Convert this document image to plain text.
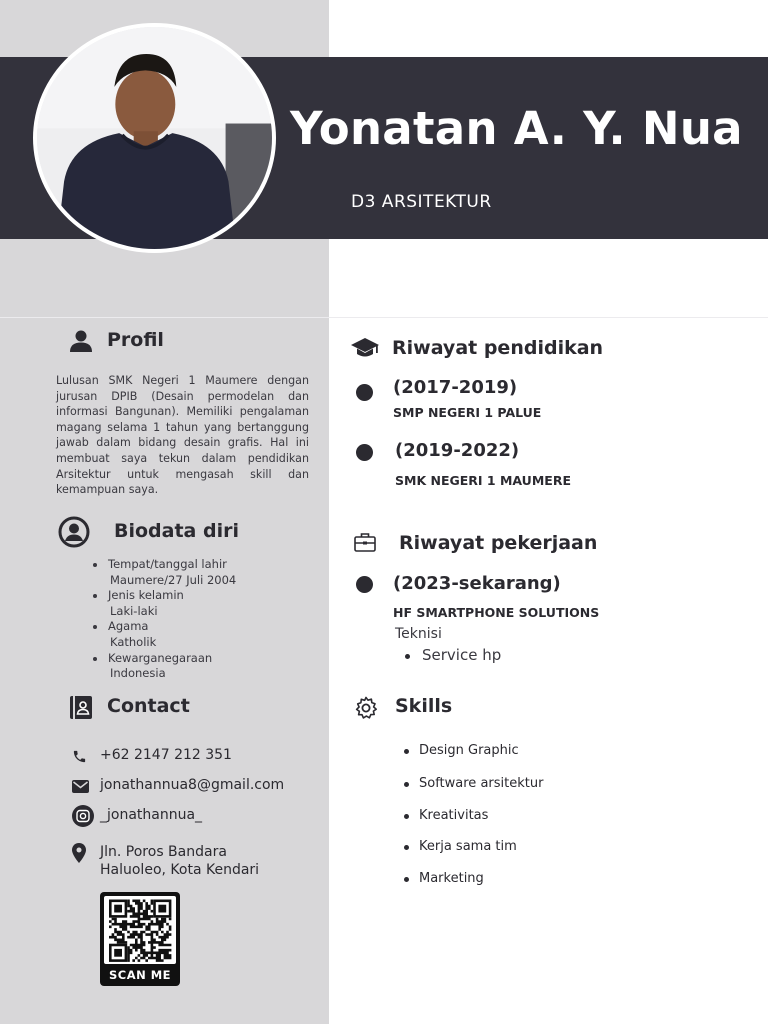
Yonatan A. Y. Nua
D3 ARSITEKTUR
Profil

Lulusan SMK Negeri 1 Maumere dengan jurusan DPIB (Desain permodelan dan informasi Bangunan). Memiliki pengalaman magang selama 1 tahun yang bertanggung jawab dalam bidang desain grafis. Hal ini membuat saya tekun dalam pendidikan Arsitektur untuk mengasah skill dan kemampuan saya.

Biodata diri
Tempat/tanggal lahir
Maumere/27 Juli 2004
Jenis kelamin
Laki-laki
Agama
Katholik
Kewarganegaraan
Indonesia
Contact
+62 2147 212 351
jonathannua8@gmail.com
_jonathannua_
Jln. Poros Bandara
Haluoleo, Kota Kendari
SCAN ME
Riwayat pendidikan
(2017-2019)
SMP NEGERI 1 PALUE
(2019-2022)
SMK NEGERI 1 MAUMERE
Riwayat pekerjaan
(2023-sekarang)
HF SMARTPHONE SOLUTIONS
Teknisi
Service hp
Skills
Design Graphic
Software arsitektur
Kreativitas
Kerja sama tim
Marketing
